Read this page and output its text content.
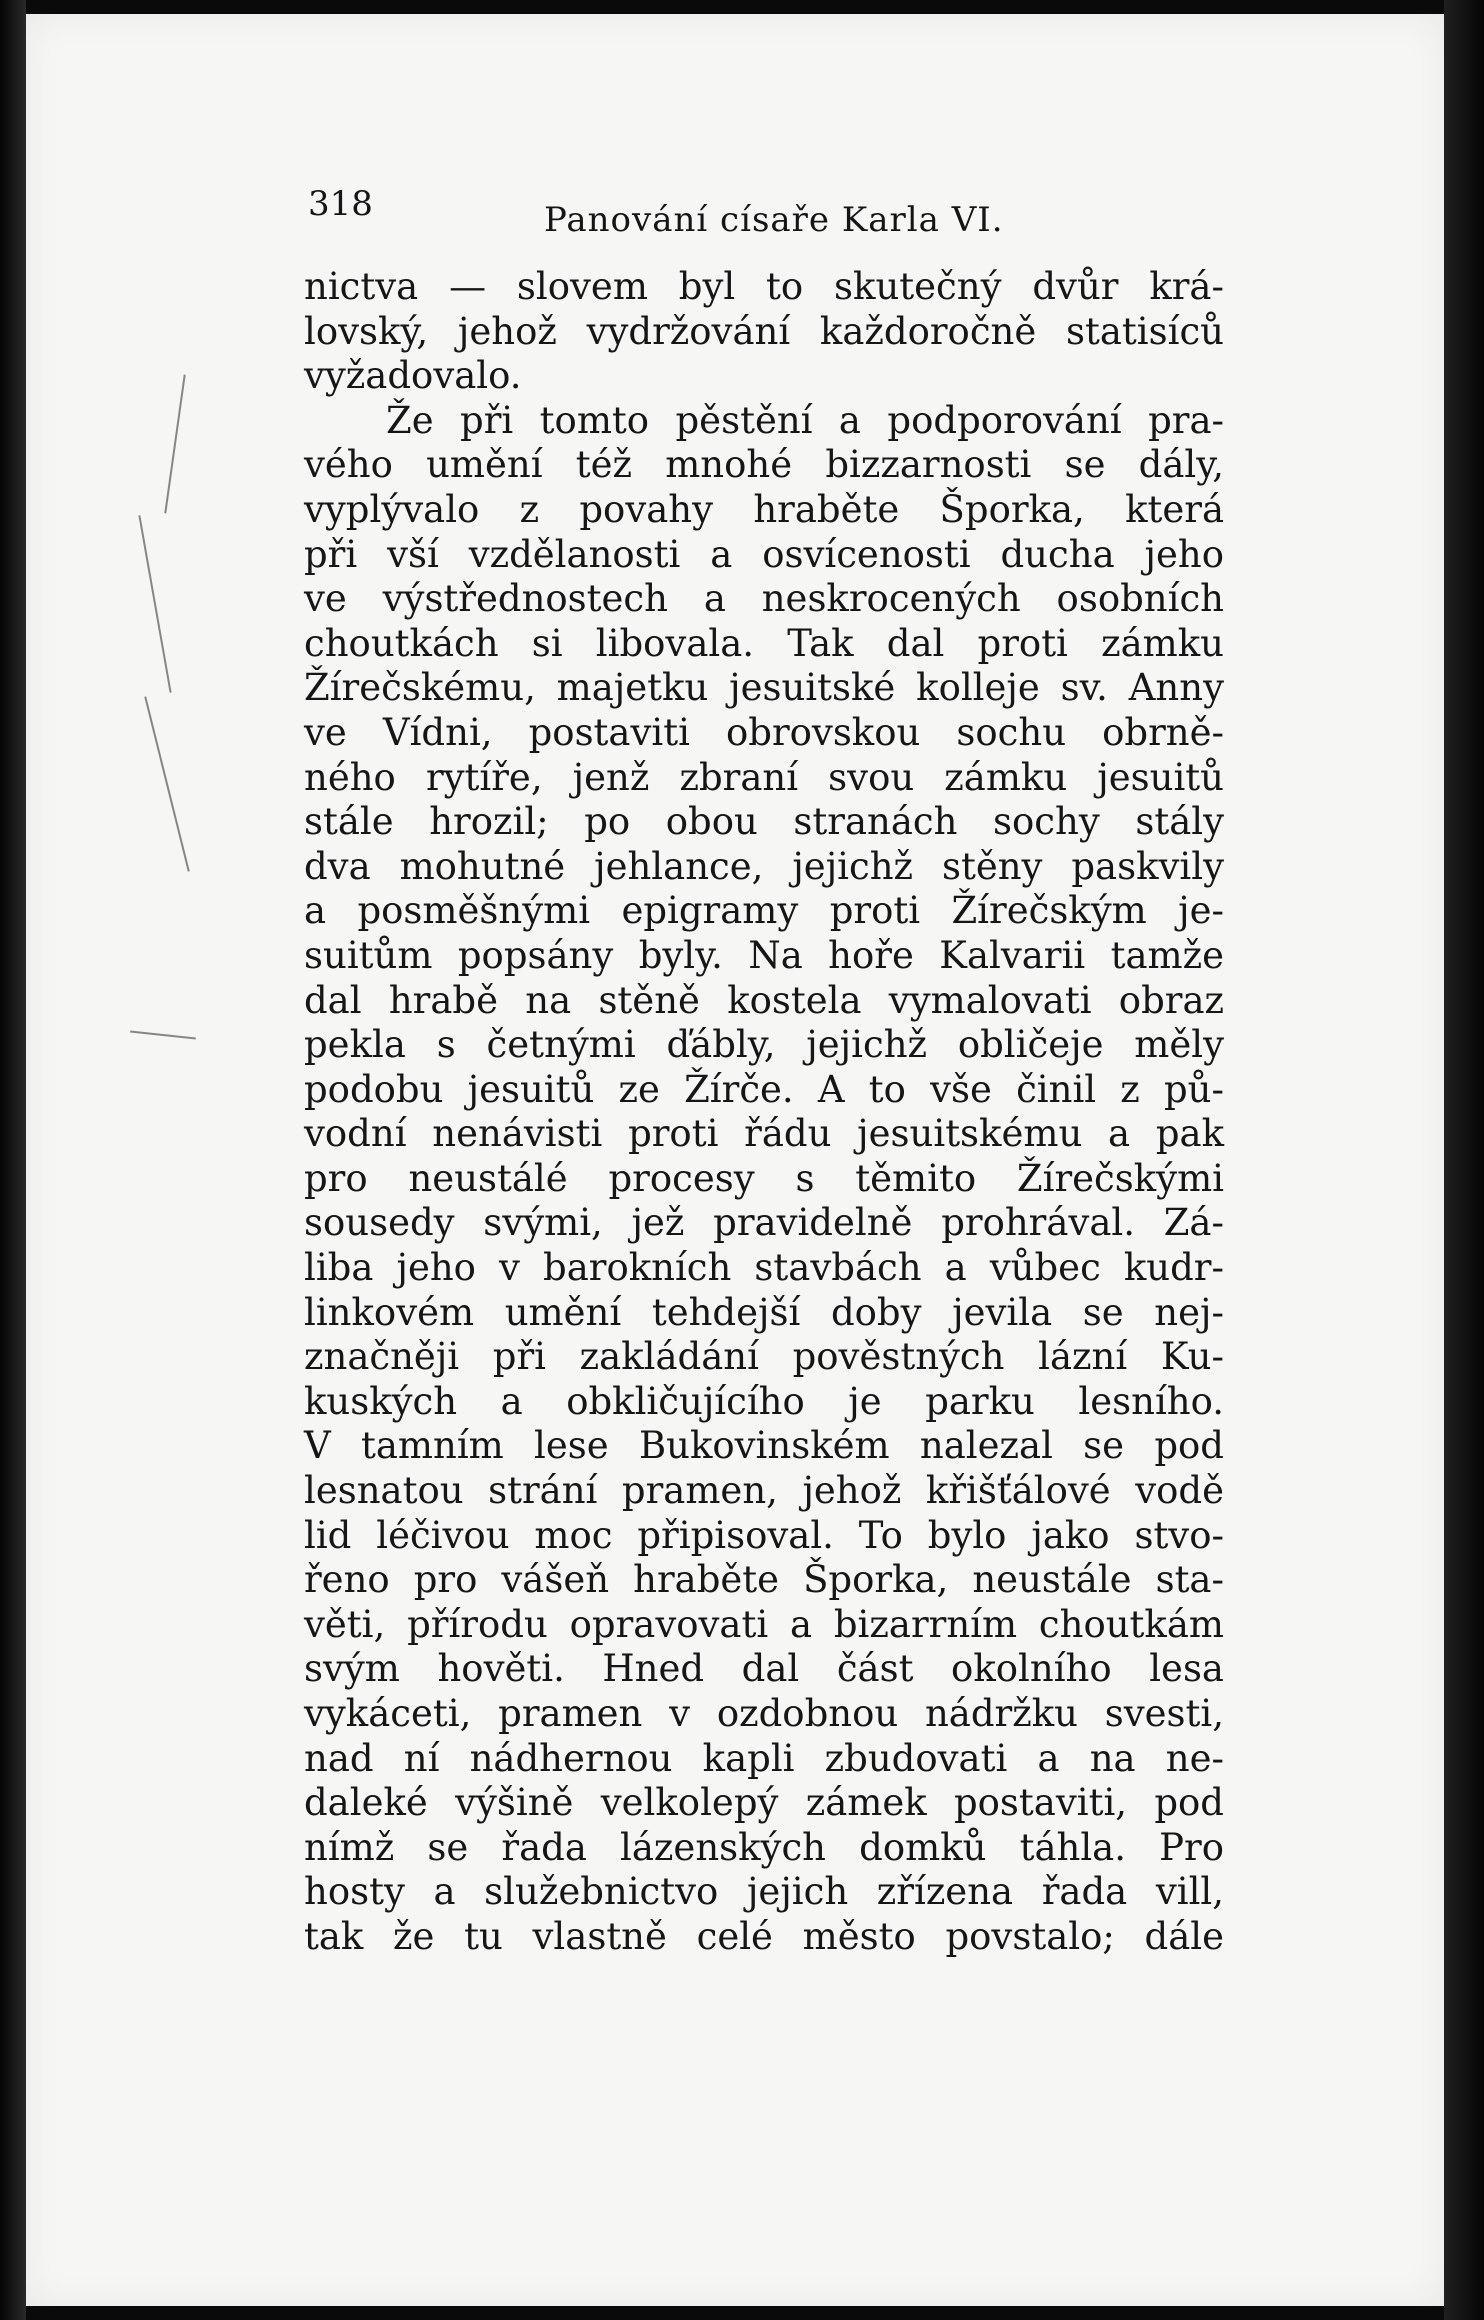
318	Panování císaře Karla VI.
nictva — slovem byl to skutečný dvůr krá-
lovský, jehož vydržování každoročně statisíců
vyžadovalo.
Že při tomto pěstění a podporování pra-
vého umění též mnohé bizzarnosti se dály,
vyplývalo z povahy hraběte Šporka, která
při vší vzdělanosti a osvícenosti ducha jeho
ve výstřednostech a neskrocených osobních
choutkách si libovala. Tak dal proti zámku
Žírečskému, majetku jesuitské kolleje sv. Anny
ve Vídni, postaviti obrovskou sochu obrně-
ného rytíře, jenž zbraní svou zámku jesuitů
stále hrozil; po obou stranách sochy stály
dva mohutné jehlance, jejichž stěny paskvily
a posměšnými epigramy proti Žírečským je-
suitům popsány byly. Na hoře Kalvarii tamže
dal hrabě na stěně kostela vymalovati obraz
pekla s četnými ďábly, jejichž obličeje měly
podobu jesuitů ze Žírče. A to vše činil z pů-
vodní nenávisti proti řádu jesuitskému a pak
pro neustálé procesy s těmito Žírečskými
sousedy svými, jež pravidelně prohrával. Zá-
liba jeho v barokních stavbách a vůbec kudr-
linkovém umění tehdejší doby jevila se nej-
značněji při zakládání pověstných lázní Ku-
kuských a obkličujícího je parku lesního.
V tamním lese Bukovinském nalezal se pod
lesnatou strání pramen, jehož křišťálové vodě
lid léčivou moc připisoval. To bylo jako stvo-
řeno pro vášeň hraběte Šporka, neustále sta-
věti, přírodu opravovati a bizarrním choutkám
svým hověti. Hned dal část okolního lesa
vykáceti, pramen v ozdobnou nádržku svesti,
nad ní nádhernou kapli zbudovati a na ne-
daleké výšině velkolepý zámek postaviti, pod
nímž se řada lázenských domků táhla. Pro
hosty a služebnictvo jejich zřízena řada vill,
tak že tu vlastně celé město povstalo; dále
